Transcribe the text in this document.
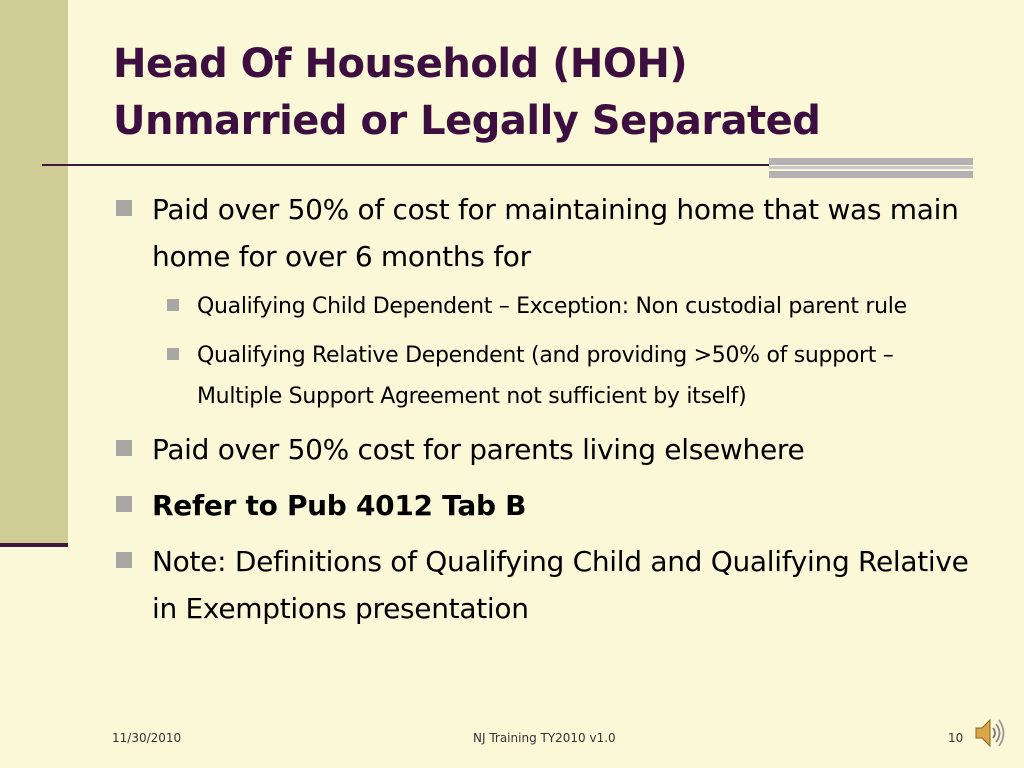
Head Of Household (HOH)
Unmarried or Legally Separated
Paid over 50% of cost for maintaining home that was main home for over 6 months for
Qualifying Child Dependent – Exception: Non custodial parent rule
Qualifying Relative Dependent (and providing >50% of support – Multiple Support Agreement not sufficient by itself)
Paid over 50% cost for parents living elsewhere
Refer to Pub 4012 Tab B
Note: Definitions of Qualifying Child and Qualifying Relative in Exemptions presentation
11/30/2010	NJ Training TY2010 v1.0	10
